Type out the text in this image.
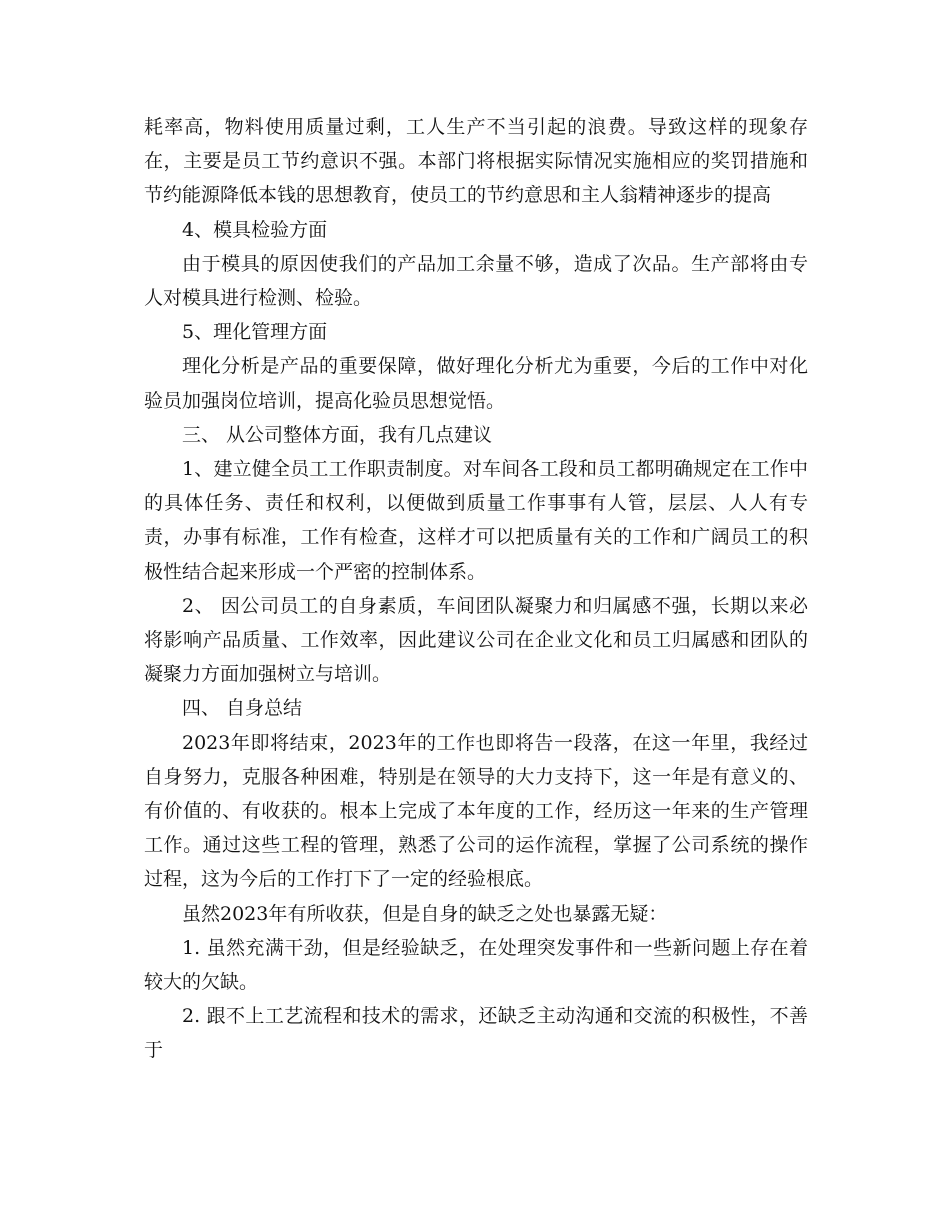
耗率高，物料使用质量过剩，工人生产不当引起的浪费。导致这样的现象存在，主要是员工节约意识不强。本部门将根据实际情况实施相应的奖罚措施和节约能源降低本钱的思想教育，使员工的节约意思和主人翁精神逐步的提高

4、模具检验方面

由于模具的原因使我们的产品加工余量不够，造成了次品。生产部将由专人对模具进行检测、检验。

5、理化管理方面

理化分析是产品的重要保障，做好理化分析尤为重要，今后的工作中对化验员加强岗位培训，提高化验员思想觉悟。

三、 从公司整体方面，我有几点建议

1、建立健全员工工作职责制度。对车间各工段和员工都明确规定在工作中的具体任务、责任和权利，以便做到质量工作事事有人管，层层、人人有专责，办事有标准，工作有检查，这样才可以把质量有关的工作和广阔员工的积极性结合起来形成一个严密的控制体系。

2、 因公司员工的自身素质，车间团队凝聚力和归属感不强，长期以来必将影响产品质量、工作效率，因此建议公司在企业文化和员工归属感和团队的凝聚力方面加强树立与培训。

四、 自身总结

2023年即将结束，2023年的工作也即将告一段落，在这一年里，我经过自身努力，克服各种困难，特别是在领导的大力支持下，这一年是有意义的、有价值的、有收获的。根本上完成了本年度的工作，经历这一年来的生产管理工作。通过这些工程的管理，熟悉了公司的运作流程，掌握了公司系统的操作过程，这为今后的工作打下了一定的经验根底。

虽然2023年有所收获，但是自身的缺乏之处也暴露无疑：

1. 虽然充满干劲，但是经验缺乏，在处理突发事件和一些新问题上存在着较大的欠缺。

2. 跟不上工艺流程和技术的需求，还缺乏主动沟通和交流的积极性，不善于
